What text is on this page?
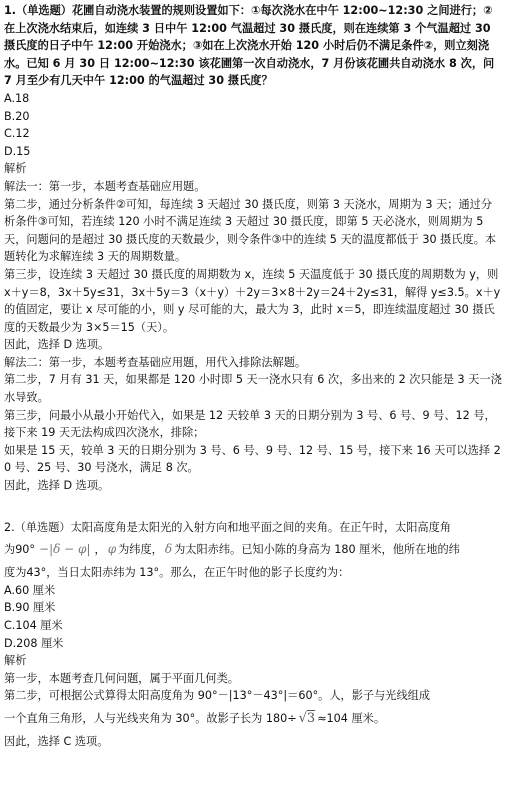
1.（单选题）花圃自动浇水装置的规则设置如下：①每次浇水在中午 12:00~12:30 之间进行；②在上次浇水结束后，如连续 3 日中午 12:00 气温超过 30 摄氏度，则在连续第 3 个气温超过 30 摄氏度的日子中午 12:00 开始浇水；③如在上次浇水开始 120 小时后仍不满足条件②，则立刻浇水。已知 6 月 30 日 12:00~12:30 该花圃第一次自动浇水，7 月份该花圃共自动浇水 8 次，问 7 月至少有几天中午 12:00 的气温超过 30 摄氏度？

A.18
B.20
C.12
D.15

解析

解法一：第一步，本题考查基础应用题。

第二步，通过分析条件②可知，每连续 3 天超过 30 摄氏度，则第 3 天浇水，周期为 3 天；通过分析条件③可知，若连续 120 小时不满足连续 3 天超过 30 摄氏度，即第 5 天必浇水，则周期为 5 天，问题问的是超过 30 摄氏度的天数最少，则令条件③中的连续 5 天的温度都低于 30 摄氏度。本题转化为求解连续 3 天的周期数量。

第三步，设连续 3 天超过 30 摄氏度的周期数为 x，连续 5 天温度低于 30 摄氏度的周期数为 y，则 x＋y＝8，3x＋5y≤31，3x＋5y＝3（x＋y）＋2y＝3×8＋2y＝24＋2y≤31，解得 y≤3.5。x＋y 的值固定，要让 x 尽可能的小，则 y 尽可能的大，最大为 3，此时 x＝5，即连续温度超过 30 摄氏度的天数最少为 3×5＝15（天）。

因此，选择 D 选项。

解法二：第一步，本题考查基础应用题，用代入排除法解题。

第二步，7 月有 31 天，如果都是 120 小时即 5 天一浇水只有 6 次，多出来的 2 次只能是 3 天一浇水导致。

第三步，问最小从最小开始代入，如果是 12 天较单 3 天的日期分别为 3 号、6 号、9 号、12 号，接下来 19 天无法构成四次浇水，排除；

如果是 15 天，较单 3 天的日期分别为 3 号、6 号、9 号、12 号、15 号，接下来 16 天可以选择 20 号、25 号、30 号浇水，满足 8 次。

因此，选择 D 选项。

2.（单选题）太阳高度角是太阳光的入射方向和地平面之间的夹角。在正午时，太阳高度角

为90° −|δ − φ| ， φ 为纬度， δ 为太阳赤纬。已知小陈的身高为 180 厘米，他所在地的纬

度为43°，当日太阳赤纬为 13°。那么，在正午时他的影子长度约为：

A.60 厘米
B.90 厘米
C.104 厘米
D.208 厘米

解析

第一步，本题考查几何问题，属于平面几何类。

第二步，可根据公式算得太阳高度角为 90°－|13°－43°|＝60°。人，影子与光线组成

一个直角三角形，人与光线夹角为 30°。故影子长为 180÷ √3 ≈104 厘米。

因此，选择 C 选项。
